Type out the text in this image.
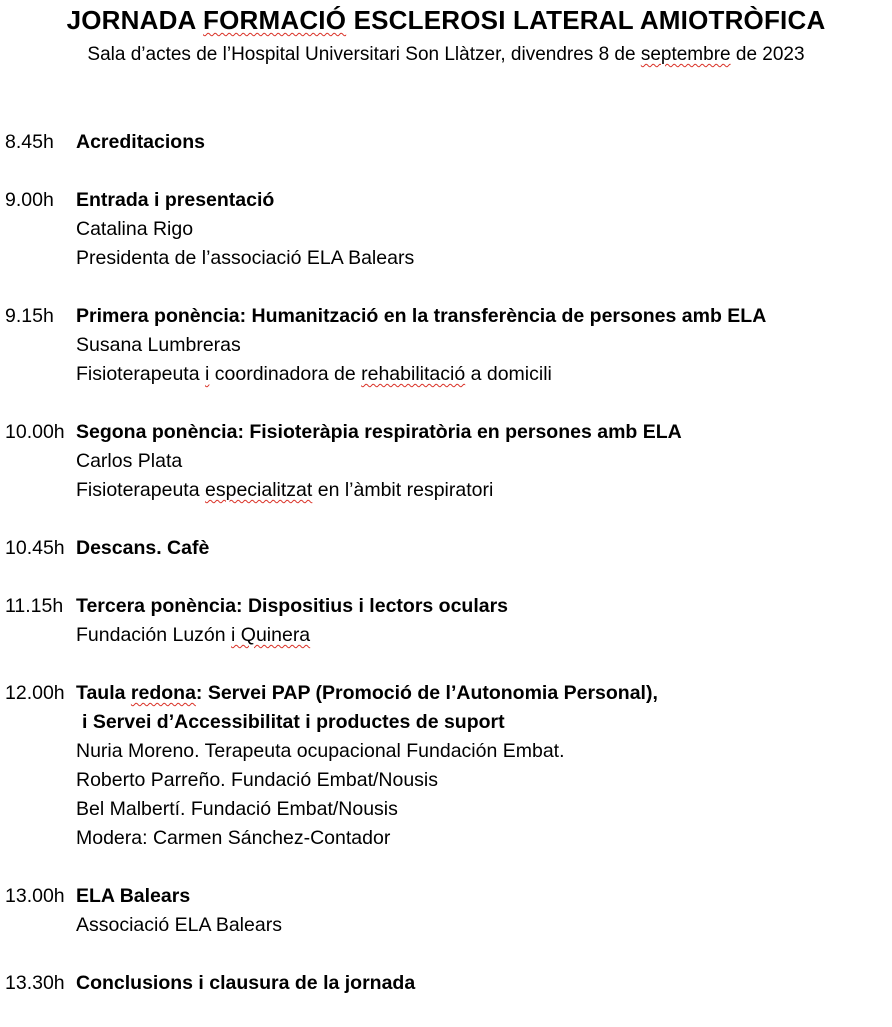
JORNADA FORMACIÓ ESCLEROSI LATERAL AMIOTRÒFICA
Sala d’actes de l’Hospital Universitari Son Llàtzer, divendres 8 de septembre de 2023
8.45h	Acreditacions
9.00h	Entrada i presentació
Catalina Rigo
Presidenta de l’associació ELA Balears
9.15h	Primera ponència: Humanització en la transferència de persones amb ELA
Susana Lumbreras
Fisioterapeuta i coordinadora de rehabilitació a domicili
10.00h Segona ponència: Fisioteràpia respiratòria en persones amb ELA
Carlos Plata
Fisioterapeuta especialitzat en l’àmbit respiratori
10.45h Descans. Cafè
11.15h Tercera ponència: Dispositius i lectors oculars
Fundación Luzón i Quinera
12.00h Taula redona: Servei PAP (Promoció de l’Autonomia Personal),
i Servei d’Accessibilitat i productes de suport
Nuria Moreno. Terapeuta ocupacional Fundación Embat.
Roberto Parreño. Fundació Embat/Nousis
Bel Malbertí. Fundació Embat/Nousis
Modera: Carmen Sánchez-Contador
13.00h ELA Balears
Associació ELA Balears
13.30h Conclusions i clausura de la jornada
